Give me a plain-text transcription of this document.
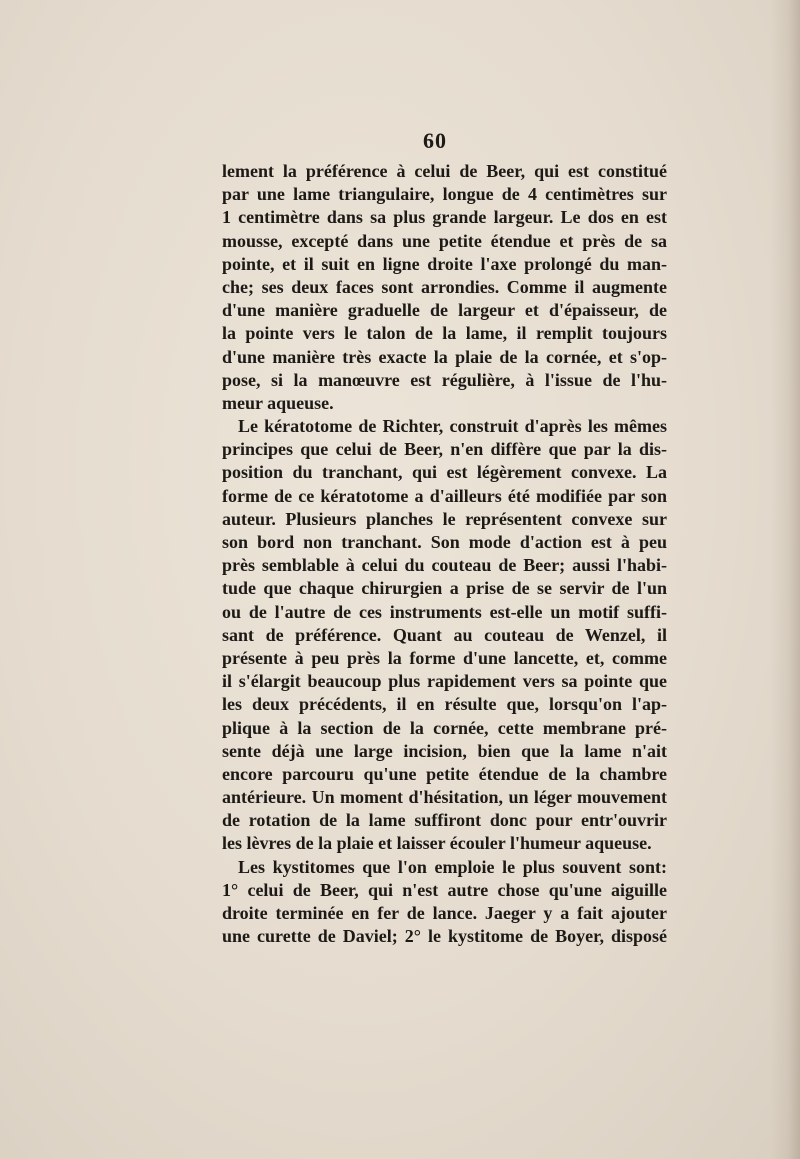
60
lement la préférence à celui de Beer, qui est constitué
par une lame triangulaire, longue de 4 centimètres sur
1 centimètre dans sa plus grande largeur. Le dos en est
mousse, excepté dans une petite étendue et près de sa
pointe, et il suit en ligne droite l'axe prolongé du man-
che; ses deux faces sont arrondies. Comme il augmente
d'une manière graduelle de largeur et d'épaisseur, de
la pointe vers le talon de la lame, il remplit toujours
d'une manière très exacte la plaie de la cornée, et s'op-
pose, si la manœuvre est régulière, à l'issue de l'hu-
meur aqueuse.
Le kératotome de Richter, construit d'après les mêmes
principes que celui de Beer, n'en diffère que par la dis-
position du tranchant, qui est légèrement convexe. La
forme de ce kératotome a d'ailleurs été modifiée par son
auteur. Plusieurs planches le représentent convexe sur
son bord non tranchant. Son mode d'action est à peu
près semblable à celui du couteau de Beer; aussi l'habi-
tude que chaque chirurgien a prise de se servir de l'un
ou de l'autre de ces instruments est-elle un motif suffi-
sant de préférence. Quant au couteau de Wenzel, il
présente à peu près la forme d'une lancette, et, comme
il s'élargit beaucoup plus rapidement vers sa pointe que
les deux précédents, il en résulte que, lorsqu'on l'ap-
plique à la section de la cornée, cette membrane pré-
sente déjà une large incision, bien que la lame n'ait
encore parcouru qu'une petite étendue de la chambre
antérieure. Un moment d'hésitation, un léger mouvement
de rotation de la lame suffiront donc pour entr'ouvrir
les lèvres de la plaie et laisser écouler l'humeur aqueuse.
Les kystitomes que l'on emploie le plus souvent sont:
1° celui de Beer, qui n'est autre chose qu'une aiguille
droite terminée en fer de lance. Jaeger y a fait ajouter
une curette de Daviel; 2° le kystitome de Boyer, disposé
